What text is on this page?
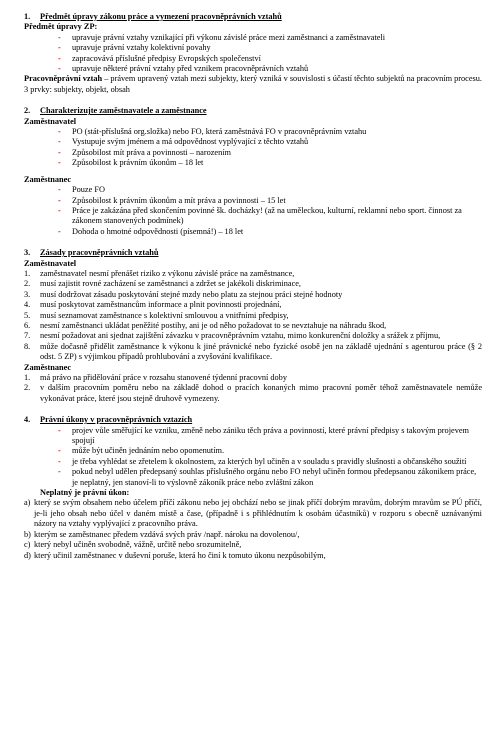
1. Předmět úpravy zákonu práce a vymezení pracovněprávních vztahů
Předmět úpravy ZP:
- upravuje právní vztahy vznikající při výkonu závislé práce mezi zaměstnanci a zaměstnavateli
- upravuje právní vztahy kolektivní povahy
- zapracovává příslušné předpisy Evropských společenství
- upravuje některé právní vztahy před vznikem pracovněprávních vztahů
Pracovněprávní vztah – právem upravený vztah mezi subjekty, který vzniká v souvislosti s účastí těchto subjektů na pracovním procesu.
3 prvky: subjekty, objekt, obsah
2. Charakterizujte zaměstnavatele a zaměstnance
Zaměstnavatel
- PO (stát-příslušná org.složka) nebo FO, která zaměstnává FO v pracovněprávním vztahu
- Vystupuje svým jménem a má odpovědnost vyplývající z těchto vztahů
- Způsobilost mít práva a povinnosti – narozením
- Způsobilost k právním úkonům – 18 let
Zaměstnanec
- Pouze FO
- Způsobilost k právním úkonům a mít práva a povinnosti – 15 let
- Práce je zakázána před skončením povinné šk. docházky! (až na uměleckou, kulturní, reklamní nebo sport. činnost za zákonem stanovených podmínek)
- Dohoda o hmotné odpovědnosti (písemná!) – 18 let
3. Zásady pracovněprávních vztahů
Zaměstnavatel
1. zaměstnavatel nesmí přenášet riziko z výkonu závislé práce na zaměstnance,
2. musí zajistit rovné zacházení se zaměstnanci a zdržet se jakékoli diskriminace,
3. musí dodržovat zásadu poskytování stejné mzdy nebo platu za stejnou práci stejné hodnoty
4. musí poskytovat zaměstnancům informace a plnit povinnosti projednání,
5. musí seznamovat zaměstnance s kolektivní smlouvou a vnitřními předpisy,
6. nesmí zaměstnanci ukládat peněžité postihy, ani je od něho požadovat to se nevztahuje na náhradu škod,
7. nesmí požadovat ani sjednat zajištění závazku v pracovněprávním vztahu, mimo konkurenční doložky a srážek z příjmu,
8. může dočasně přidělit zaměstnance k výkonu k jiné právnické nebo fyzické osobě jen na základě ujednání s agenturou práce (§ 2 odst. 5 ZP) s výjimkou případů prohlubování a zvyšování kvalifikace.
Zaměstnanec
1. má právo na přidělování práce v rozsahu stanovené týdenní pracovní doby
2. v dalším pracovním poměru nebo na základě dohod o pracích konaných mimo pracovní poměr téhož zaměstnavatele nemůže vykonávat práce, které jsou stejně druhově vymezeny.
4. Právní úkony v pracovněprávních vztazích
- projev vůle směřující ke vzniku, změně nebo zániku těch práva a povinností, které právní předpisy s takovým projevem spojují
- může být učiněn jednáním nebo opomenutím.
- je třeba vyhlédat se zřetelem k okolnostem, za kterých byl učiněn a v souladu s pravidly slušnosti a občanského soužití
- pokud nebyl udělen předepsaný souhlas příslušného orgánu nebo FO nebyl učiněn formou předepsanou zákonikem práce, je neplatný, jen stanoví-li to výslovně zákoník práce nebo zvláštní zákon
Neplatný je právní úkon:
a) který se svým obsahem nebo účelem příčí zákonu nebo jej obchází nebo se jinak příčí dobrým mravům, dobrým mravům se PÚ příčí, je-li jeho obsah nebo účel v daném místě a čase, (případně i s přihlédnutím k osobám účastníků) v rozporu s obecně uznávanými názory na vztahy vyplývající z pracovního práva.
b) kterým se zaměstnanec předem vzdává svých práv /např. nároku na dovolenou/,
c) který nebyl učiněn svobodně, vážně, určitě nebo srozumitelně,
d) který učinil zaměstnanec v duševní poruše, která ho činí k tomuto úkonu nezpůsobilým,
